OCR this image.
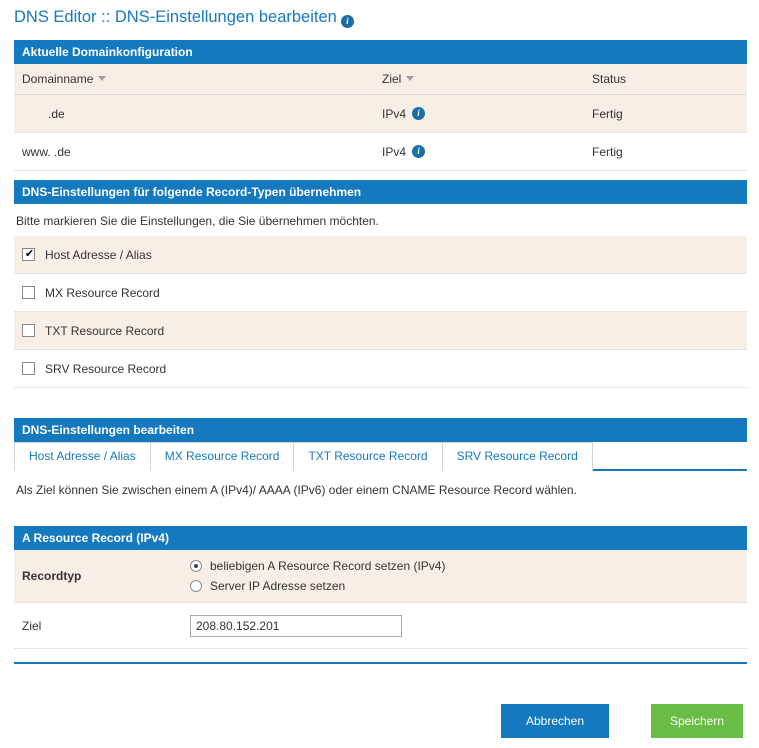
DNS Editor :: DNS-Einstellungen bearbeiten i
Aktuelle Domainkonfiguration
Domainname	Ziel	Status
.de	IPv4 i	Fertig
www. .de	IPv4 i	Fertig
DNS-Einstellungen für folgende Record-Typen übernehmen
Bitte markieren Sie die Einstellungen, die Sie übernehmen möchten.
✔
Host Adresse / Alias
MX Resource Record
TXT Resource Record
SRV Resource Record
DNS-Einstellungen bearbeiten
Host Adresse / Alias	MX Resource Record	TXT Resource Record	SRV Resource Record
Als Ziel können Sie zwischen einem A (IPv4)/ AAAA (IPv6) oder einem CNAME Resource Record wählen.
A Resource Record (IPv4)
Recordtyp
beliebigen A Resource Record setzen (IPv4)
Server IP Adresse setzen
Ziel
208.80.152.201
Abbrechen	Speichern
